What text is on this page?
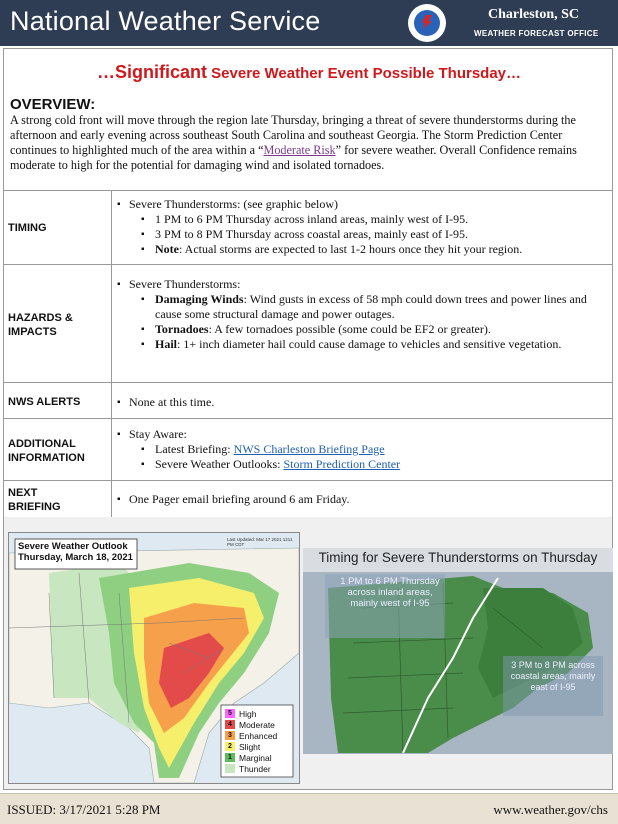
National Weather Service	Charleston, SC
WEATHER FORECAST OFFICE
…Significant Severe Weather Event Possible Thursday…
OVERVIEW:
A strong cold front will move through the region late Thursday, bringing a threat of severe thunderstorms during the afternoon and early evening across southeast South Carolina and southeast Georgia. The Storm Prediction Center continues to highlighted much of the area within a “Moderate Risk” for severe weather. Overall Confidence remains moderate to high for the potential for damaging wind and isolated tornadoes.
TIMING
▪ Severe Thunderstorms: (see graphic below)
▪ 1 PM to 6 PM Thursday across inland areas, mainly west of I-95.
▪ 3 PM to 8 PM Thursday across coastal areas, mainly east of I-95.
▪ Note: Actual storms are expected to last 1-2 hours once they hit your region.
HAZARDS & IMPACTS
▪ Severe Thunderstorms:
▪ Damaging Winds: Wind gusts in excess of 58 mph could down trees and power lines and cause some structural damage and power outages.
▪ Tornadoes: A few tornadoes possible (some could be EF2 or greater).
▪ Hail: 1+ inch diameter hail could cause damage to vehicles and sensitive vegetation.
NWS ALERTS
▪	None at this time.
ADDITIONAL INFORMATION
▪ Stay Aware:
▪ Latest Briefing: NWS Charleston Briefing Page
▪ Severe Weather Outlooks: Storm Prediction Center
NEXT BRIEFING
▪ One Pager email briefing around 6 am Friday.
Severe Weather Outlook
Thursday, March 18, 2021
Last Updated: Mar 17 2021 1211 PM CDT
5 High
4 Moderate
3 Enhanced
2 Slight
1 Marginal
Thunder
Timing for Severe Thunderstorms on Thursday
1 PM to 6 PM Thursday across inland areas, mainly west of I-95
3 PM to 8 PM across coastal areas, mainly east of I-95
ISSUED: 3/17/2021 5:28 PM	www.weather.gov/chs
